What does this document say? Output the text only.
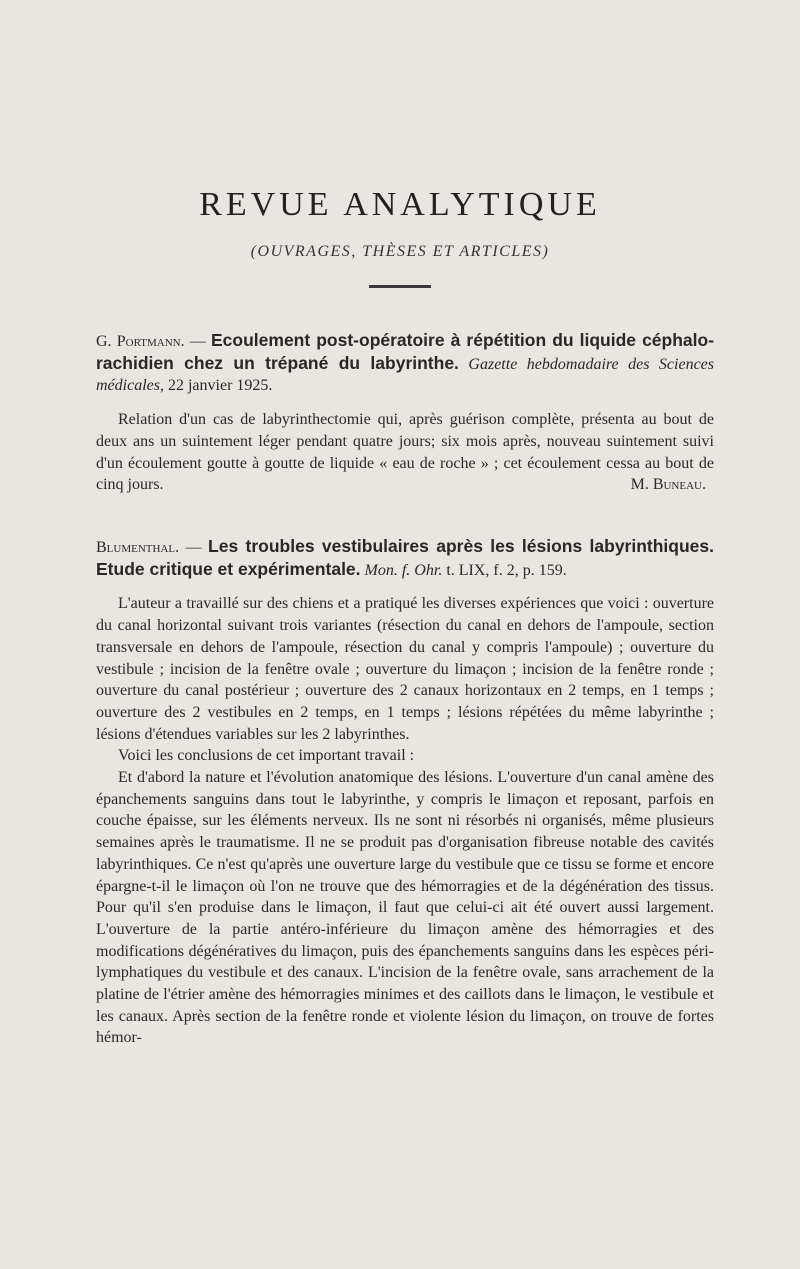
REVUE ANALYTIQUE
(OUVRAGES, THÈSES ET ARTICLES)

G. Portmann. — Ecoulement post-opératoire à répétition du liquide céphalo-rachidien chez un trépané du labyrinthe. Gazette hebdomadaire des Sciences médicales, 22 janvier 1925.

Relation d'un cas de labyrinthectomie qui, après guérison complète, présenta au bout de deux ans un suintement léger pendant quatre jours; six mois après, nouveau suintement suivi d'un écoulement goutte à goutte de liquide « eau de roche » ; cet écoulement cessa au bout de cinq jours.	M. Buneau.

Blumenthal. — Les troubles vestibulaires après les lésions labyrinthiques. Etude critique et expérimentale. Mon. f. Ohr. t. LIX, f. 2, p. 159.

L'auteur a travaillé sur des chiens et a pratiqué les diverses expériences que voici : ouverture du canal horizontal suivant trois variantes (résection du canal en dehors de l'ampoule, section transversale en dehors de l'ampoule, résection du canal y compris l'ampoule) ; ouverture du vestibule ; incision de la fenêtre ovale ; ouverture du limaçon ; incision de la fenêtre ronde ; ouverture du canal postérieur ; ouverture des 2 canaux horizontaux en 2 temps, en 1 temps ; ouverture des 2 vestibules en 2 temps, en 1 temps ; lésions répétées du même labyrinthe ; lésions d'étendues variables sur les 2 labyrinthes.

Voici les conclusions de cet important travail :

Et d'abord la nature et l'évolution anatomique des lésions. L'ouverture d'un canal amène des épanchements sanguins dans tout le labyrinthe, y compris le limaçon et reposant, parfois en couche épaisse, sur les éléments nerveux. Ils ne sont ni résorbés ni organisés, même plusieurs semaines après le traumatisme. Il ne se produit pas d'organisation fibreuse notable des cavités labyrinthiques. Ce n'est qu'après une ouverture large du vestibule que ce tissu se forme et encore épargne-t-il le limaçon où l'on ne trouve que des hémorragies et de la dégénération des tissus. Pour qu'il s'en produise dans le limaçon, il faut que celui-ci ait été ouvert aussi largement. L'ouverture de la partie antéro-inférieure du limaçon amène des hémorragies et des modifications dégénératives du limaçon, puis des épanchements sanguins dans les espèces péri-lymphatiques du vestibule et des canaux. L'incision de la fenêtre ovale, sans arrachement de la platine de l'étrier amène des hémorragies minimes et des caillots dans le limaçon, le vestibule et les canaux. Après section de la fenêtre ronde et violente lésion du limaçon, on trouve de fortes hémor-
